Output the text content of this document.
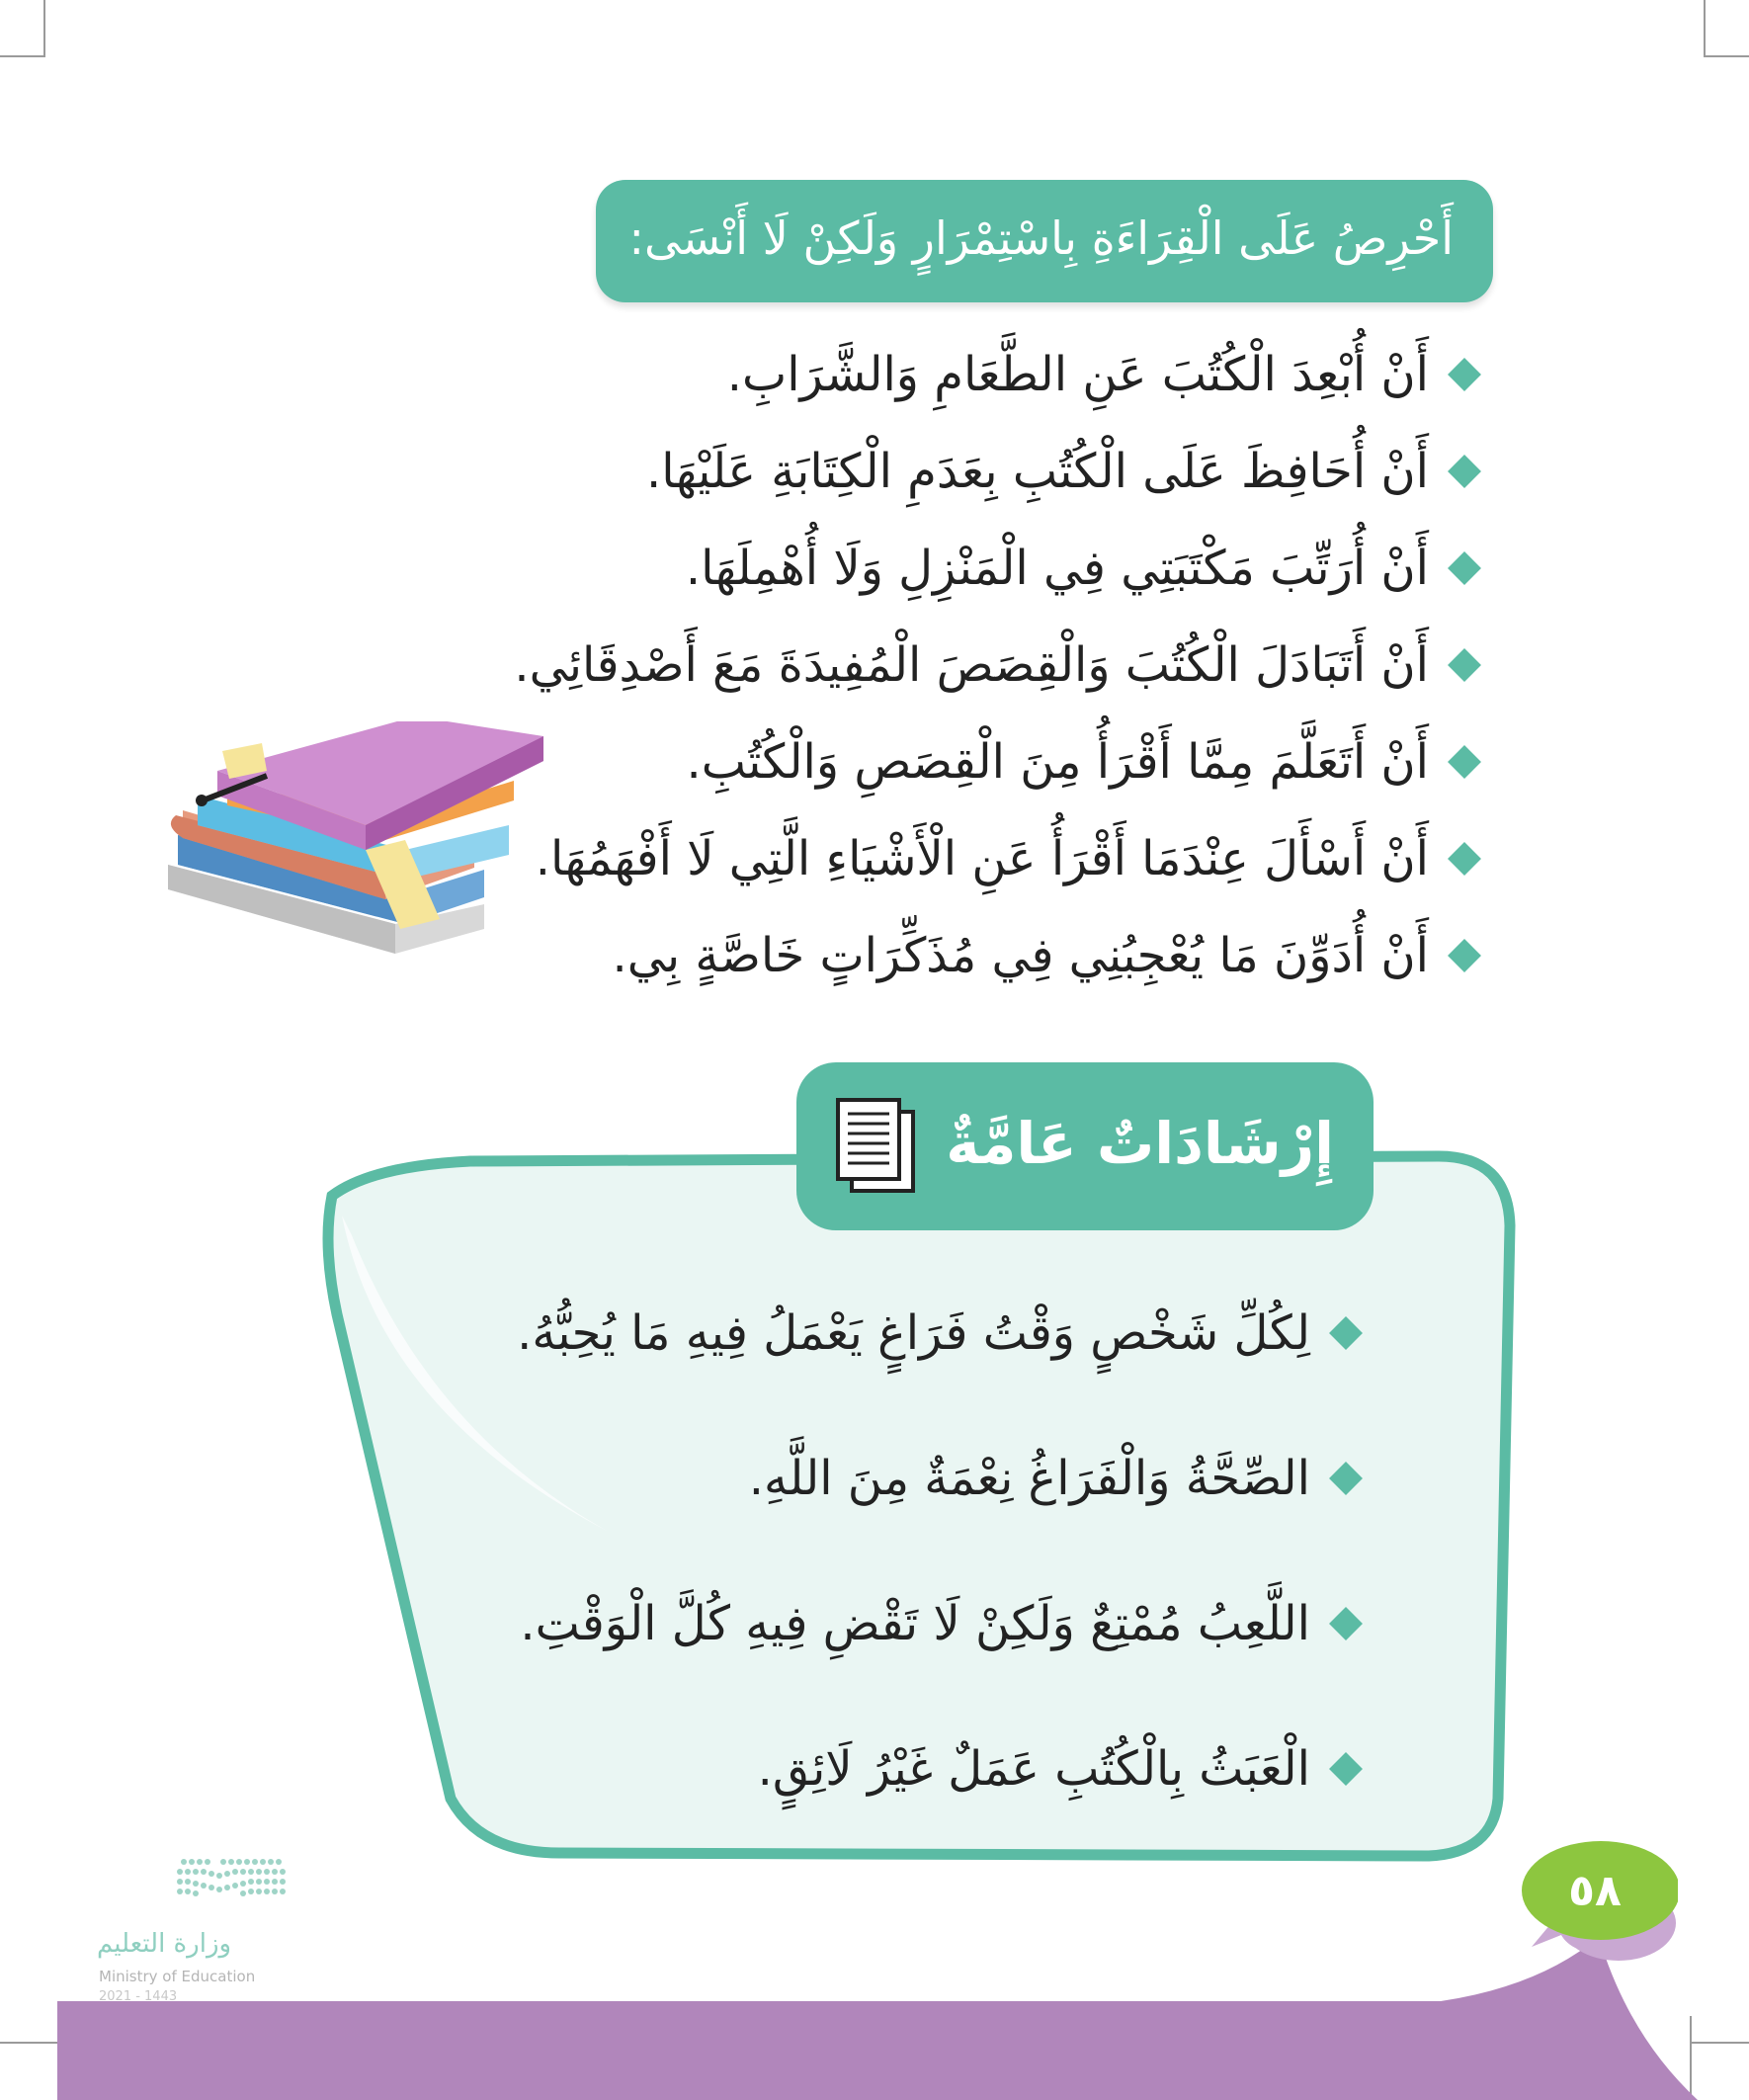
أَحْرِصُ عَلَى الْقِرَاءَةِ بِاسْتِمْرَارٍ وَلَكِنْ لَا أَنْسَى:
أَنْ أُبْعِدَ الْكُتُبَ عَنِ الطَّعَامِ وَالشَّرَابِ.
أَنْ أُحَافِظَ عَلَى الْكُتُبِ بِعَدَمِ الْكِتَابَةِ عَلَيْهَا.
أَنْ أُرَتِّبَ مَكْتَبَتِي فِي الْمَنْزِلِ وَلَا أُهْمِلَهَا.
أَنْ أَتَبَادَلَ الْكُتُبَ وَالْقِصَصَ الْمُفِيدَةَ مَعَ أَصْدِقَائِي.
أَنْ أَتَعَلَّمَ مِمَّا أَقْرَأُ مِنَ الْقِصَصِ وَالْكُتُبِ.
أَنْ أَسْأَلَ عِنْدَمَا أَقْرَأُ عَنِ الْأَشْيَاءِ الَّتِي لَا أَفْهَمُهَا.
أَنْ أُدَوِّنَ مَا يُعْجِبُنِي فِي مُذَكِّرَاتٍ خَاصَّةٍ بِي.
إِرْشَادَاتٌ عَامَّةٌ
لِكُلِّ شَخْصٍ وَقْتُ فَرَاغٍ يَعْمَلُ فِيهِ مَا يُحِبُّهُ.
الصِّحَّةُ وَالْفَرَاغُ نِعْمَةٌ مِنَ اللَّهِ.
اللَّعِبُ مُمْتِعٌ وَلَكِنْ لَا تَقْضِ فِيهِ كُلَّ الْوَقْتِ.
الْعَبَثُ بِالْكُتُبِ عَمَلٌ غَيْرُ لَائِقٍ.
٥٨
وزارة التعليم
Ministry of Education
2021 - 1443
